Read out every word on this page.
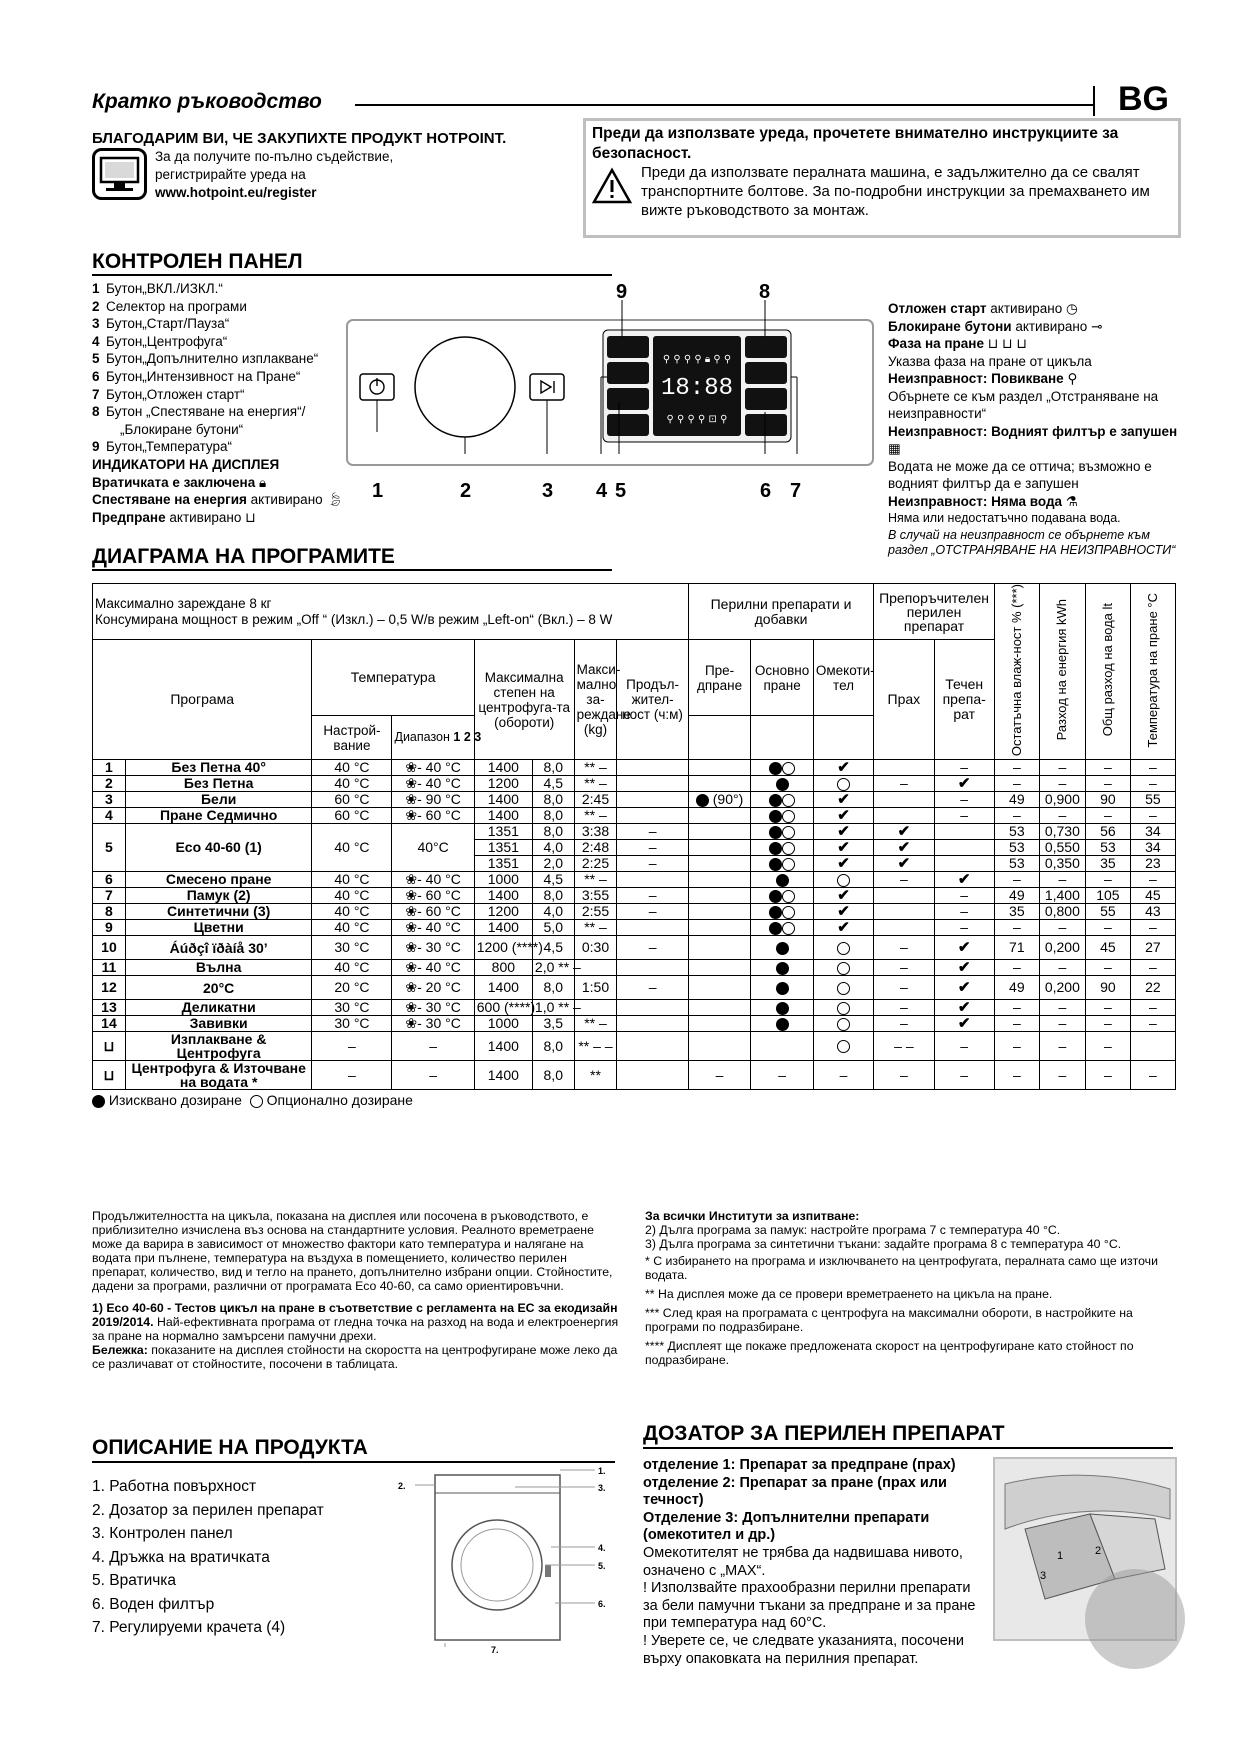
Кратко ръководство	BG
БЛАГОДАРИМ ВИ, ЧЕ ЗАКУПИХТЕ ПРОДУКТ HOTPOINT.
За да получите по-пълно съдействие,
регистрирайте уреда на
www.hotpoint.eu/register
Преди да използвате уреда, прочетете внимателно инструкциите за безопасност.
Преди да използвате пералната машина, е задължително да се свалят транспортните болтове. За по-подробни инструкции за премахването им вижте ръководството за монтаж.
КОНТРОЛЕН ПАНЕЛ
1 Бутон„ВКЛ./ИЗКЛ.“
2 Селектор на програми
3 Бутон„Старт/Пауза“
4 Бутон„Центрофуга“
5 Бутон„Допълнително изплакване“
6 Бутон„Интензивност на Пране“
7 Бутон„Отложен старт“
8 Бутон „Спестяване на енергия“/
„Блокиране бутони“
9 Бутон„Температура“
ИНДИКАТОРИ НА ДИСПЛЕЯ
Вратичката е заключена 🔒︎
Спестяване на енергия активирано 🍃︎
Предпране активирано ⊔
18:88
⚲ ⚲ ⚲ ⚲ 🔒︎ ⚲ ⚲
⚲ ⚲ ⚲ ⚲ ⊡ ⚲
1	2	3 4 5	6 7
8
9
Отложен старт активирано ◷
Блокиране бутони активирано ⊸
Фаза на пране ⊔ ⊔ ⊔
Указва фаза на пране от цикъла
Неизправност: Повикване ⚲
Обърнете се към раздел „Отстраняване на неизправности“
Неизправност: Водният филтър е запушен ▦
Водата не може да се оттича; възможно е водният филтър да е запушен
Неизправност: Няма вода ⚗
Няма или недостатъчно подавана вода.
В случай на неизправност се обърнете към раздел „ОТСТРАНЯВАНЕ НА НЕИЗПРАВНОСТИ“
ДИАГРАМА НА ПРОГРАМИТЕ
Максимално зареждане 8 кг
Консумирана мощност в режим „Off “ (Изкл.) – 0,5 W/в режим „Left-on“ (Вкл.) – 8 W								Перилни препарати и добавки			Препоръчителен перилен препарат		Остатъчна влаж-ност % (***)	Разход на енергия kWh	Общ разход на вода lt	Температура на пране °C
Програма		Температура		Максимална степен на центрофуга-та (обороти)		Макси-мално за-реждане (kg)	Продъл-жител-ност (ч:м)	Пре-дпране	Основно пране	Омекоти-тел	Прах	Течен препа-рат				
		Настрой-вание	Диапазон 1 2 3													
1	Без Петна 40°	40 °C	❀- 40 °C	1400	8,0	** –				✔		–	–	–	–	–
2	Без Петна	40 °C	❀- 40 °C	1200	4,5	** –					–	✔	–	–	–	–
3	Бели	60 °C	❀- 90 °C	1400	8,0	2:45		(90°)		✔		–	49	0,900	90	55
4	Пране Седмично	60 °C	❀- 60 °C	1400	8,0	** –				✔		–	–	–	–	–
5	Eco 40-60 (1)	40 °C	40°C	1351	8,0	3:38	–			✔	✔		53	0,730	56	34
				1351	4,0	2:48	–			✔	✔		53	0,550	53	34
				1351	2,0	2:25	–			✔	✔		53	0,350	35	23
6	Смесено пране	40 °C	❀- 40 °C	1000	4,5	** –					–	✔	–	–	–	–
7	Памук (2)	40 °C	❀- 60 °C	1400	8,0	3:55	–			✔		–	49	1,400	105	45
8	Синтетични (3)	40 °C	❀- 60 °C	1200	4,0	2:55	–			✔		–	35	0,800	55	43
9	Цветни	40 °C	❀- 40 °C	1400	5,0	** –				✔		–	–	–	–	–
10	Áúðçî ïðàíå 30’	30 °C	❀- 30 °C	1200 (****)	4,5	0:30	–				–	✔	71	0,200	45	27
11	Вълна	40 °C	❀- 40 °C	800	2,0 ** –						–	✔	–	–	–	–
12	20°C	20 °C	❀- 20 °C	1400	8,0	1:50	–				–	✔	49	0,200	90	22
13	Деликатни	30 °C	❀- 30 °C	600 (****)	1,0 ** –						–	✔	–	–	–	–
14	Завивки	30 °C	❀- 30 °C	1000	3,5	** –					–	✔	–	–	–	–
⊔	Изплакване & Центрофуга	–	–	1400	8,0	** – –					– –	–	–	–	–	
⊔	Центрофуга & Източване на водата *	–	–	1400	8,0	**		–	–	–	–	–	–	–	–	–
Изисквано дозиране Опционално дозиране
Продължителността на цикъла, показана на дисплея или посочена в ръководството, е приблизително изчислена въз основа на стандартните условия. Реалното времетраене може да варира в зависимост от множество фактори като температура и налягане на водата при пълнене, температура на въздуха в помещението, количество перилен препарат, количество, вид и тегло на прането, допълнително избрани опции. Стойностите, дадени за програми, различни от програмата Eco 40-60, са само ориентировъчни.
1) Eco 40-60 - Тестов цикъл на пране в съответствие с регламента на ЕС за екодизайн 2019/2014. Най-ефективната програма от гледна точка на разход на вода и електроенергия за пране на нормално замърсени памучни дрехи.
Бележка: показаните на дисплея стойности на скоростта на центрофугиране може леко да се различават от стойностите, посочени в таблицата.
За всички Институти за изпитване:
2) Дълга програма за памук: настройте програма 7 с температура 40 °C.
3) Дълга програма за синтетични тъкани: задайте програма 8 с температура 40 °C.
* С избирането на програма и изключването на центрофугата, пералната само ще източи водата.
** На дисплея може да се провери времетраенето на цикъла на пране.
*** След края на програмата с центрофуга на максимални обороти, в настройките на програми по подразбиране.
**** Дисплеят ще покаже предложената скорост на центрофугиране като стойност по подразбиране.
ОПИСАНИЕ НА ПРОДУКТА
1. Работна повърхност
2. Дозатор за перилен препарат
3. Контролен панел
4. Дръжка на вратичката
5. Вратичка
6. Воден филтър
7. Регулируеми крачета (4)
1.
2.	3.
4.
5.
6.
7.
ДОЗАТОР ЗА ПЕРИЛЕН ПРЕПАРАТ
отделение 1: Препарат за предпране (прах)
отделение 2: Препарат за пране (прах или течност)
Отделение 3: Допълнителни препарати (омекотител и др.)
Омекотителят не трябва да надвишава нивото, означено с „MAX“.
! Използвайте прахообразни перилни препарати за бели памучни тъкани за предпране и за пране при температура над 60°С.
! Уверете се, че следвате указанията, посочени върху опаковката на перилния препарат.
1	2
3
